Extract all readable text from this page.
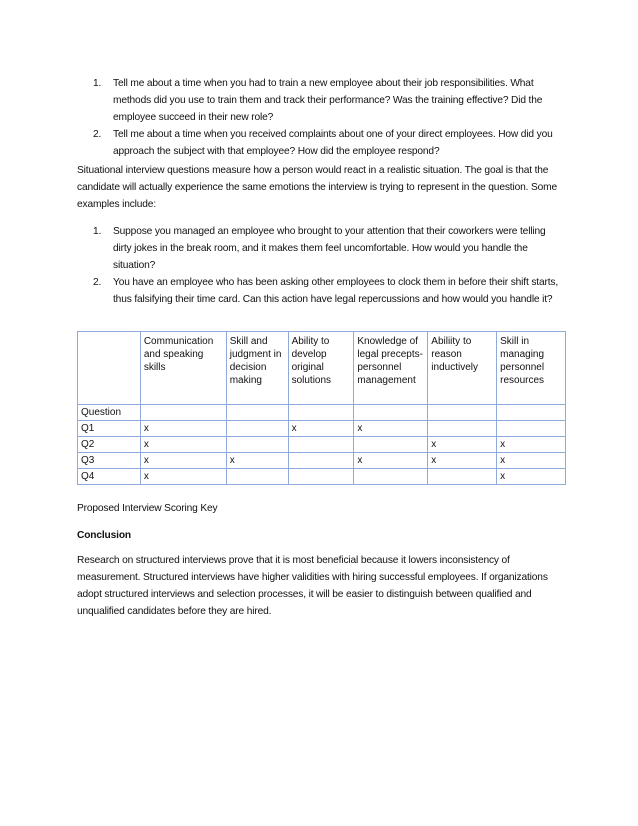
1. Tell me about a time when you had to train a new employee about their job responsibilities. What methods did you use to train them and track their performance? Was the training effective? Did the employee succeed in their new role?
2. Tell me about a time when you received complaints about one of your direct employees. How did you approach the subject with that employee? How did the employee respond?

Situational interview questions measure how a person would react in a realistic situation. The goal is that the candidate will actually experience the same emotions the interview is trying to represent in the question. Some examples include:

1. Suppose you managed an employee who brought to your attention that their coworkers were telling dirty jokes in the break room, and it makes them feel uncomfortable. How would you handle the situation?
2. You have an employee who has been asking other employees to clock them in before their shift starts, thus falsifying their time card. Can this action have legal repercussions and how would you handle it?
	Communication and speaking skills	Skill and judgment in decision making	Ability to develop original solutions	Knowledge of legal precepts-personnel management	Abiliity to reason inductively	Skill in managing personnel resources
Question						
Q1	x		x	x		
Q2	x				x	x
Q3	x	x		x	x	x
Q4	x					x
Proposed Interview Scoring Key
Conclusion

Research on structured interviews prove that it is most beneficial because it lowers inconsistency of measurement. Structured interviews have higher validities with hiring successful employees. If organizations adopt structured interviews and selection processes, it will be easier to distinguish between qualified and unqualified candidates before they are hired.
